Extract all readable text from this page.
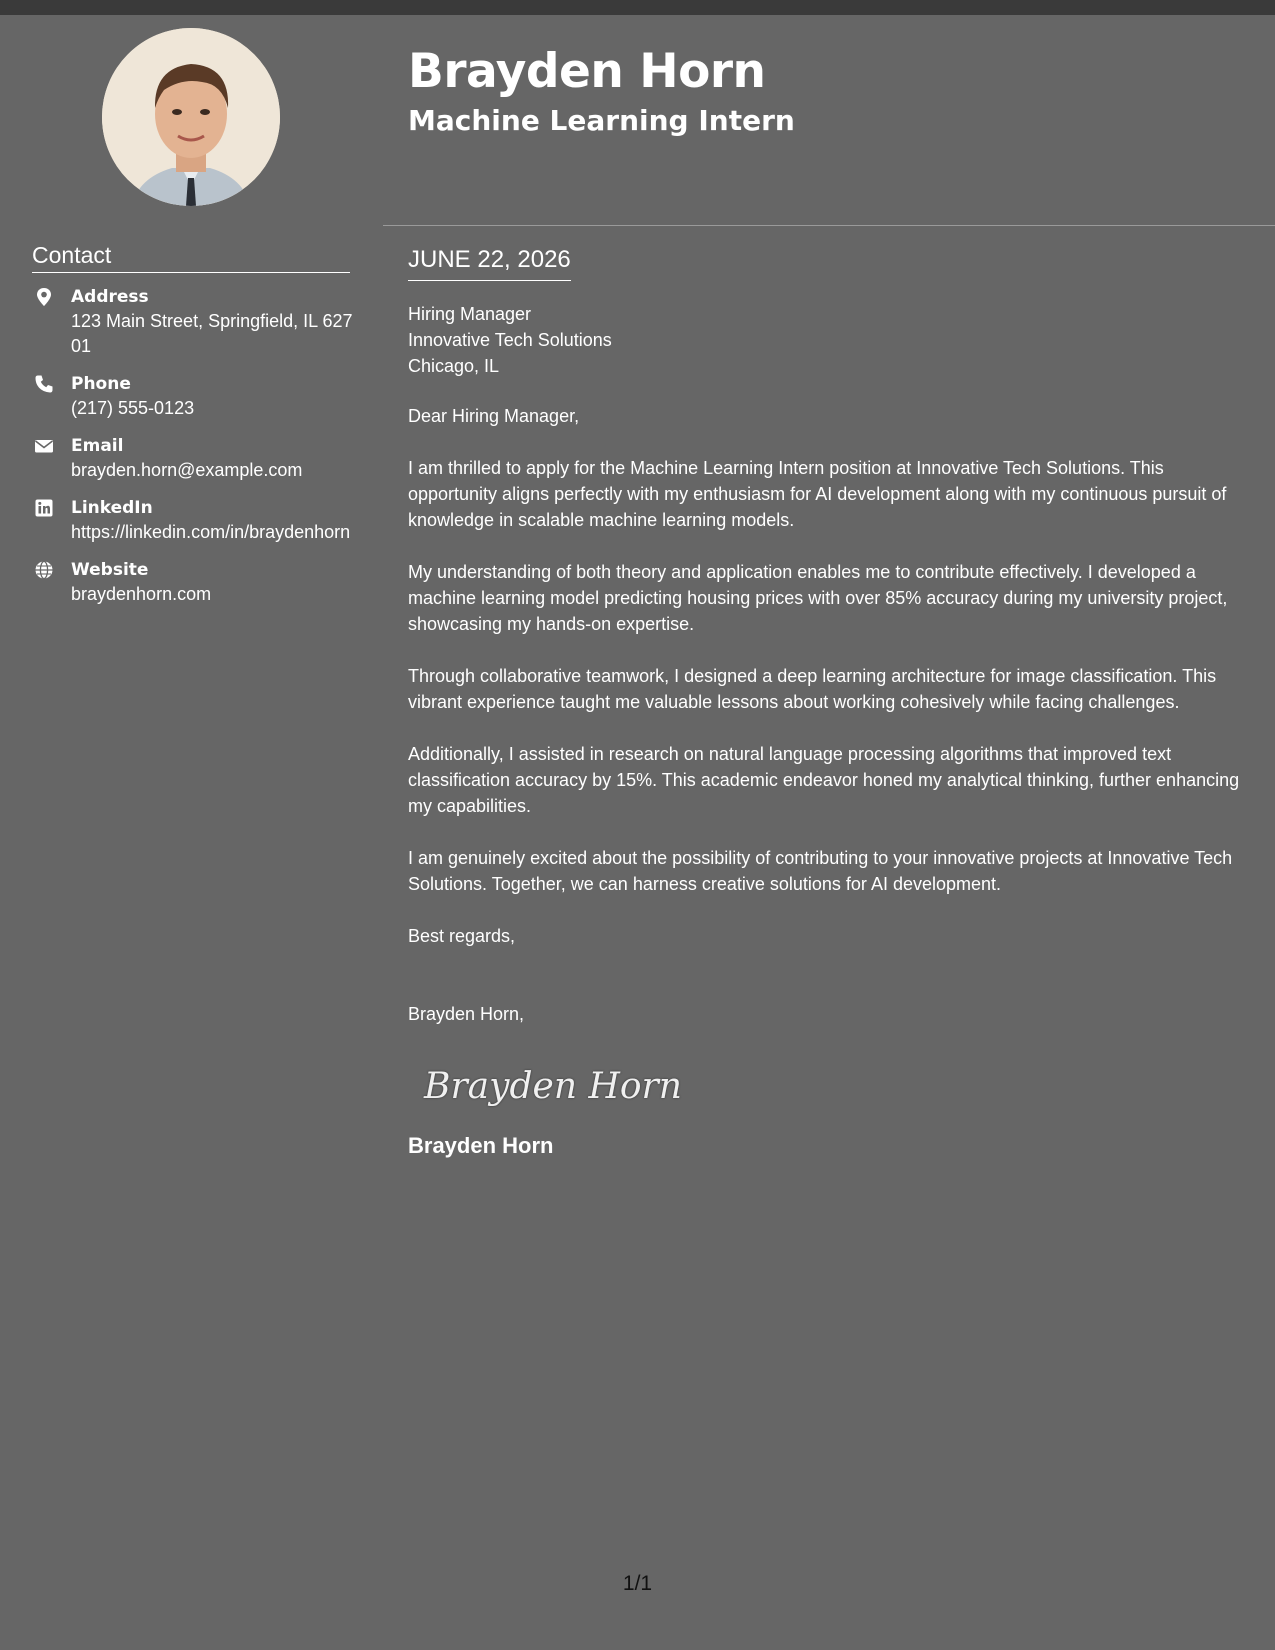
Brayden Horn
Machine Learning Intern
Contact
Address
123 Main Street, Springfield, IL 62701
Phone
(217) 555-0123
Email
brayden.horn@example.com
LinkedIn
https://linkedin.com/in/braydenhorn
Website
braydenhorn.com
JUNE 22, 2026
Hiring Manager
Innovative Tech Solutions
Chicago, IL

Dear Hiring Manager,

I am thrilled to apply for the Machine Learning Intern position at Innovative Tech Solutions. This opportunity aligns perfectly with my enthusiasm for AI development along with my continuous pursuit of knowledge in scalable machine learning models.

My understanding of both theory and application enables me to contribute effectively. I developed a machine learning model predicting housing prices with over 85% accuracy during my university project, showcasing my hands-on expertise.

Through collaborative teamwork, I designed a deep learning architecture for image classification. This vibrant experience taught me valuable lessons about working cohesively while facing challenges.

Additionally, I assisted in research on natural language processing algorithms that improved text classification accuracy by 15%. This academic endeavor honed my analytical thinking, further enhancing my capabilities.

I am genuinely excited about the possibility of contributing to your innovative projects at Innovative Tech Solutions. Together, we can harness creative solutions for AI development.

Best regards,

Brayden Horn,

Brayden Horn
Brayden Horn
1/1
